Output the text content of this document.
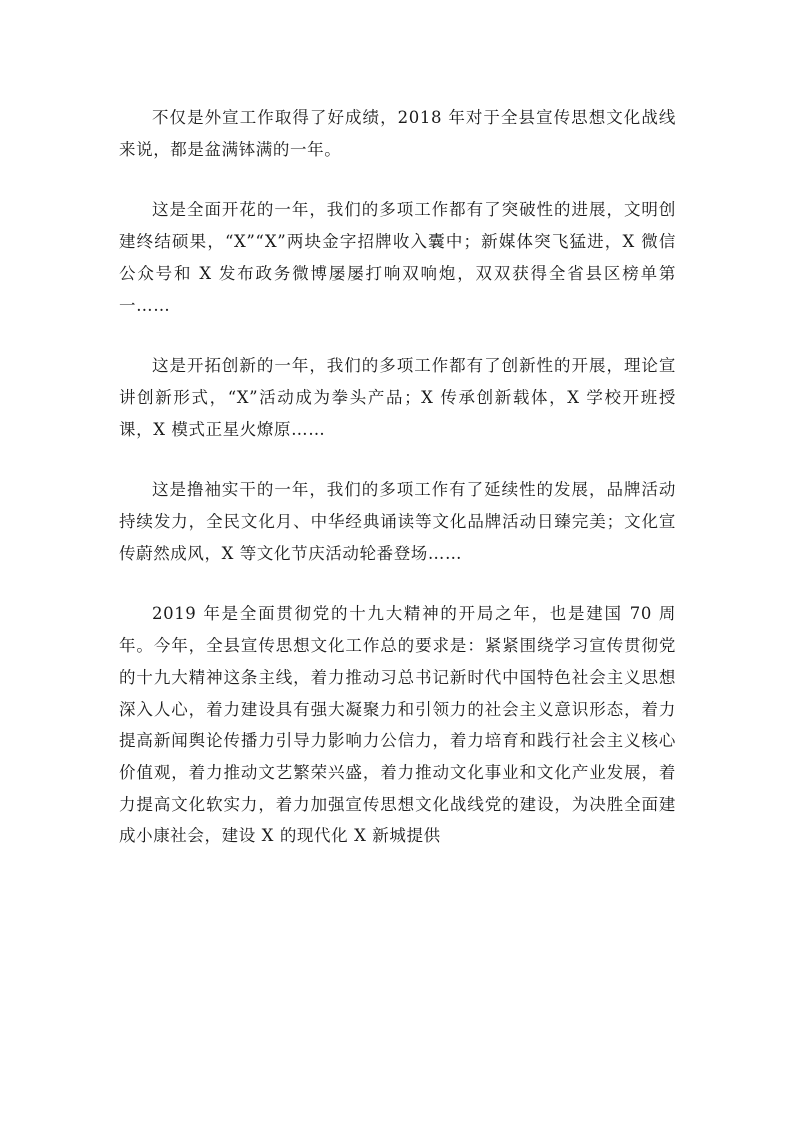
不仅是外宣工作取得了好成绩，2018 年对于全县宣传思想文化战线来说，都是盆满钵满的一年。

这是全面开花的一年，我们的多项工作都有了突破性的进展，文明创建终结硕果，“X”“X”两块金字招牌收入囊中；新媒体突飞猛进，X 微信公众号和 X 发布政务微博屡屡打响双响炮，双双获得全省县区榜单第一……

这是开拓创新的一年，我们的多项工作都有了创新性的开展，理论宣讲创新形式，“X”活动成为拳头产品；X 传承创新载体，X 学校开班授课，X 模式正星火燎原……

这是撸袖实干的一年，我们的多项工作有了延续性的发展，品牌活动持续发力，全民文化月、中华经典诵读等文化品牌活动日臻完美；文化宣传蔚然成风，X 等文化节庆活动轮番登场……

2019 年是全面贯彻党的十九大精神的开局之年，也是建国 70 周年。今年，全县宣传思想文化工作总的要求是：紧紧围绕学习宣传贯彻党的十九大精神这条主线，着力推动习总书记新时代中国特色社会主义思想深入人心，着力建设具有强大凝聚力和引领力的社会主义意识形态，着力提高新闻舆论传播力引导力影响力公信力，着力培育和践行社会主义核心价值观，着力推动文艺繁荣兴盛，着力推动文化事业和文化产业发展，着力提高文化软实力，着力加强宣传思想文化战线党的建设，为决胜全面建成小康社会，建设 X 的现代化 X 新城提供
